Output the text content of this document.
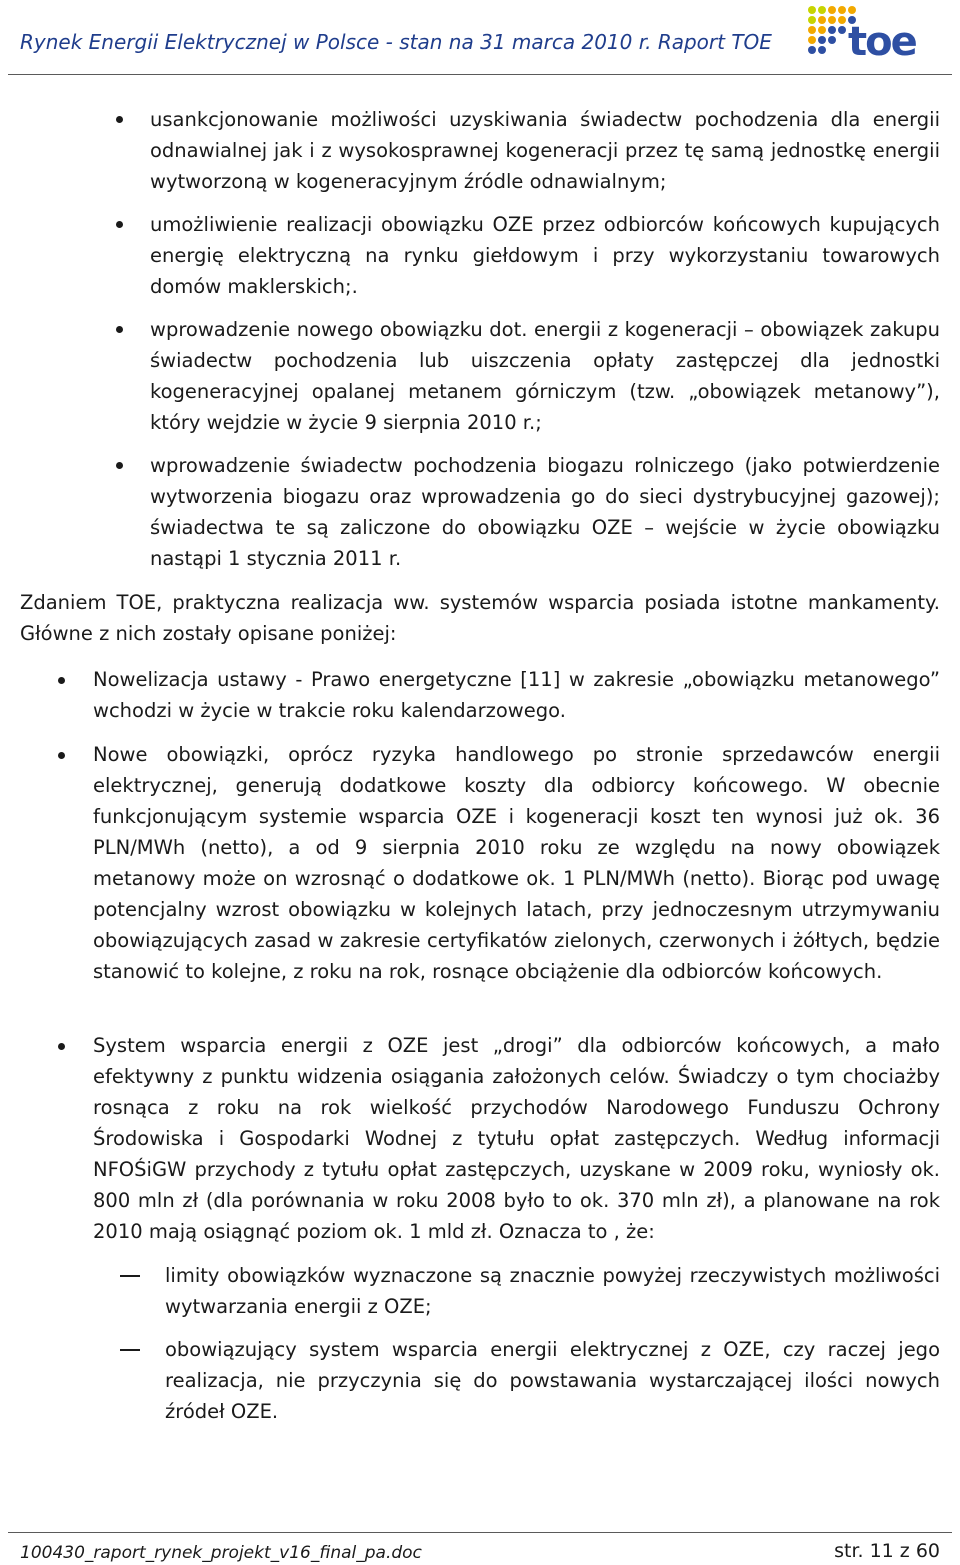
Rynek Energii Elektrycznej w Polsce - stan na 31 marca 2010 r. Raport TOE toe
usankcjonowanie możliwości uzyskiwania świadectw pochodzenia dla energii odnawialnej jak i z wysokosprawnej kogeneracji przez tę samą jednostkę energii wytworzoną w kogeneracyjnym źródle odnawialnym;
umożliwienie realizacji obowiązku OZE przez odbiorców końcowych kupujących energię elektryczną na rynku giełdowym i przy wykorzystaniu towarowych domów maklerskich;.
wprowadzenie nowego obowiązku dot. energii z kogeneracji – obowiązek zakupu świadectw pochodzenia lub uiszczenia opłaty zastępczej dla jednostki kogeneracyjnej opalanej metanem górniczym (tzw. „obowiązek metanowy”), który wejdzie w życie 9 sierpnia 2010 r.;
wprowadzenie świadectw pochodzenia biogazu rolniczego (jako potwierdzenie wytworzenia biogazu oraz wprowadzenia go do sieci dystrybucyjnej gazowej); świadectwa te są zaliczone do obowiązku OZE – wejście w życie obowiązku nastąpi 1 stycznia 2011 r.
Zdaniem TOE, praktyczna realizacja ww. systemów wsparcia posiada istotne mankamenty. Główne z nich zostały opisane poniżej:
Nowelizacja ustawy - Prawo energetyczne [11] w zakresie „obowiązku metanowego” wchodzi w życie w trakcie roku kalendarzowego.
Nowe obowiązki, oprócz ryzyka handlowego po stronie sprzedawców energii elektrycznej, generują dodatkowe koszty dla odbiorcy końcowego. W obecnie funkcjonującym systemie wsparcia OZE i kogeneracji koszt ten wynosi już ok. 36 PLN/MWh (netto), a od 9 sierpnia 2010 roku ze względu na nowy obowiązek metanowy może on wzrosnąć o dodatkowe ok. 1 PLN/MWh (netto). Biorąc pod uwagę potencjalny wzrost obowiązku w kolejnych latach, przy jednoczesnym utrzymywaniu obowiązujących zasad w zakresie certyfikatów zielonych, czerwonych i żółtych, będzie stanowić to kolejne, z roku na rok, rosnące obciążenie dla odbiorców końcowych.
System wsparcia energii z OZE jest „drogi” dla odbiorców końcowych, a mało efektywny z punktu widzenia osiągania założonych celów. Świadczy o tym chociażby rosnąca z roku na rok wielkość przychodów Narodowego Funduszu Ochrony Środowiska i Gospodarki Wodnej z tytułu opłat zastępczych. Według informacji NFOŚiGW przychody z tytułu opłat zastępczych, uzyskane w 2009 roku, wyniosły ok. 800 mln zł (dla porównania w roku 2008 było to ok. 370 mln zł), a planowane na rok 2010 mają osiągnąć poziom ok. 1 mld zł. Oznacza to , że:
limity obowiązków wyznaczone są znacznie powyżej rzeczywistych możliwości wytwarzania energii z OZE;
obowiązujący system wsparcia energii elektrycznej z OZE, czy raczej jego realizacja, nie przyczynia się do powstawania wystarczającej ilości nowych źródeł OZE.
100430_raport_rynek_projekt_v16_final_pa.doc	str. 11 z 60
